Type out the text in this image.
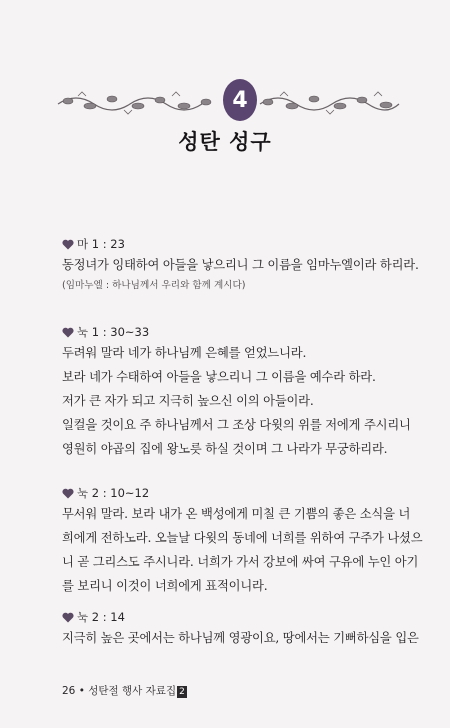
4
성탄 성구
마 1 : 23
동정녀가 잉태하여 아들을 낳으리니 그 이름을 임마누엘이라 하리라.
(임마누엘 : 하나님께서 우리와 함께 계시다)
눅 1 : 30~33
두려워 말라 네가 하나님께 은혜를 얻었느니라.
보라 네가 수태하여 아들을 낳으리니 그 이름을 예수라 하라.
저가 큰 자가 되고 지극히 높으신 이의 아들이라.
일컬을 것이요 주 하나님께서 그 조상 다윗의 위를 저에게 주시리니
영원히 야곱의 집에 왕노릇 하실 것이며 그 나라가 무궁하리라.
눅 2 : 10~12
무서워 말라. 보라 내가 온 백성에게 미칠 큰 기쁨의 좋은 소식을 너
희에게 전하노라. 오늘날 다윗의 동네에 너희를 위하여 구주가 나셨으
니 곧 그리스도 주시니라. 너희가 가서 강보에 싸여 구유에 누인 아기
를 보리니 이것이 너희에게 표적이니라.
눅 2 : 14
지극히 높은 곳에서는 하나님께 영광이요, 땅에서는 기뻐하심을 입은
26 • 성탄절 행사 자료집 2
